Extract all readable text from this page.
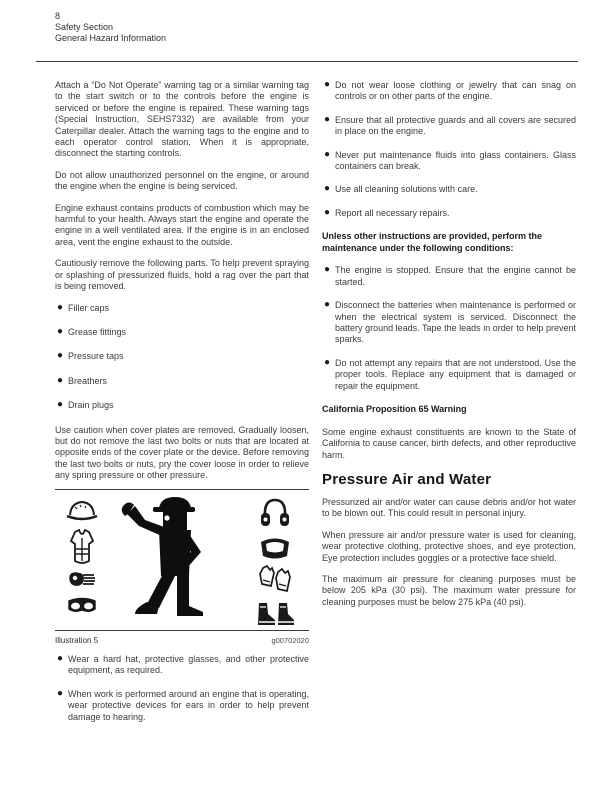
8
Safety Section
General Hazard Information

Attach a “Do Not Operate” warning tag or a similar warning tag to the start switch or to the controls before the engine is serviced or before the engine is repaired. These warning tags (Special Instruction, SEHS7332) are available from your Caterpillar dealer. Attach the warning tags to the engine and to each operator control station. When it is appropriate, disconnect the starting controls.

Do not allow unauthorized personnel on the engine, or around the engine when the engine is being serviced.

Engine exhaust contains products of combustion which may be harmful to your health. Always start the engine and operate the engine in a well ventilated area. If the engine is in an enclosed area, vent the engine exhaust to the outside.

Cautiously remove the following parts. To help prevent spraying or splashing of pressurized fluids, hold a rag over the part that is being removed.

● Filler caps
● Grease fittings
● Pressure taps
● Breathers
● Drain plugs

Use caution when cover plates are removed. Gradually loosen, but do not remove the last two bolts or nuts that are located at opposite ends of the cover plate or the device. Before removing the last two bolts or nuts, pry the cover loose in order to relieve any spring pressure or other pressure.

Illustration 5	g00702020
● Wear a hard hat, protective glasses, and other protective equipment, as required.
● When work is performed around an engine that is operating, wear protective devices for ears in order to help prevent damage to hearing.
● Do not wear loose clothing or jewelry that can snag on controls or on other parts of the engine.
● Ensure that all protective guards and all covers are secured in place on the engine.
● Never put maintenance fluids into glass containers. Glass containers can break.
● Use all cleaning solutions with care.
● Report all necessary repairs.

Unless other instructions are provided, perform the maintenance under the following conditions:

● The engine is stopped. Ensure that the engine cannot be started.
● Disconnect the batteries when maintenance is performed or when the electrical system is serviced. Disconnect the battery ground leads. Tape the leads in order to help prevent sparks.
● Do not attempt any repairs that are not understood. Use the proper tools. Replace any equipment that is damaged or repair the equipment.

California Proposition 65 Warning

Some engine exhaust constituents are known to the State of California to cause cancer, birth defects, and other reproductive harm.

Pressure Air and Water

Pressurized air and/or water can cause debris and/or hot water to be blown out. This could result in personal injury.

When pressure air and/or pressure water is used for cleaning, wear protective clothing, protective shoes, and eye protection. Eye protection includes goggles or a protective face shield.

The maximum air pressure for cleaning purposes must be below 205 kPa (30 psi). The maximum water pressure for cleaning purposes must be below 275 kPa (40 psi).
